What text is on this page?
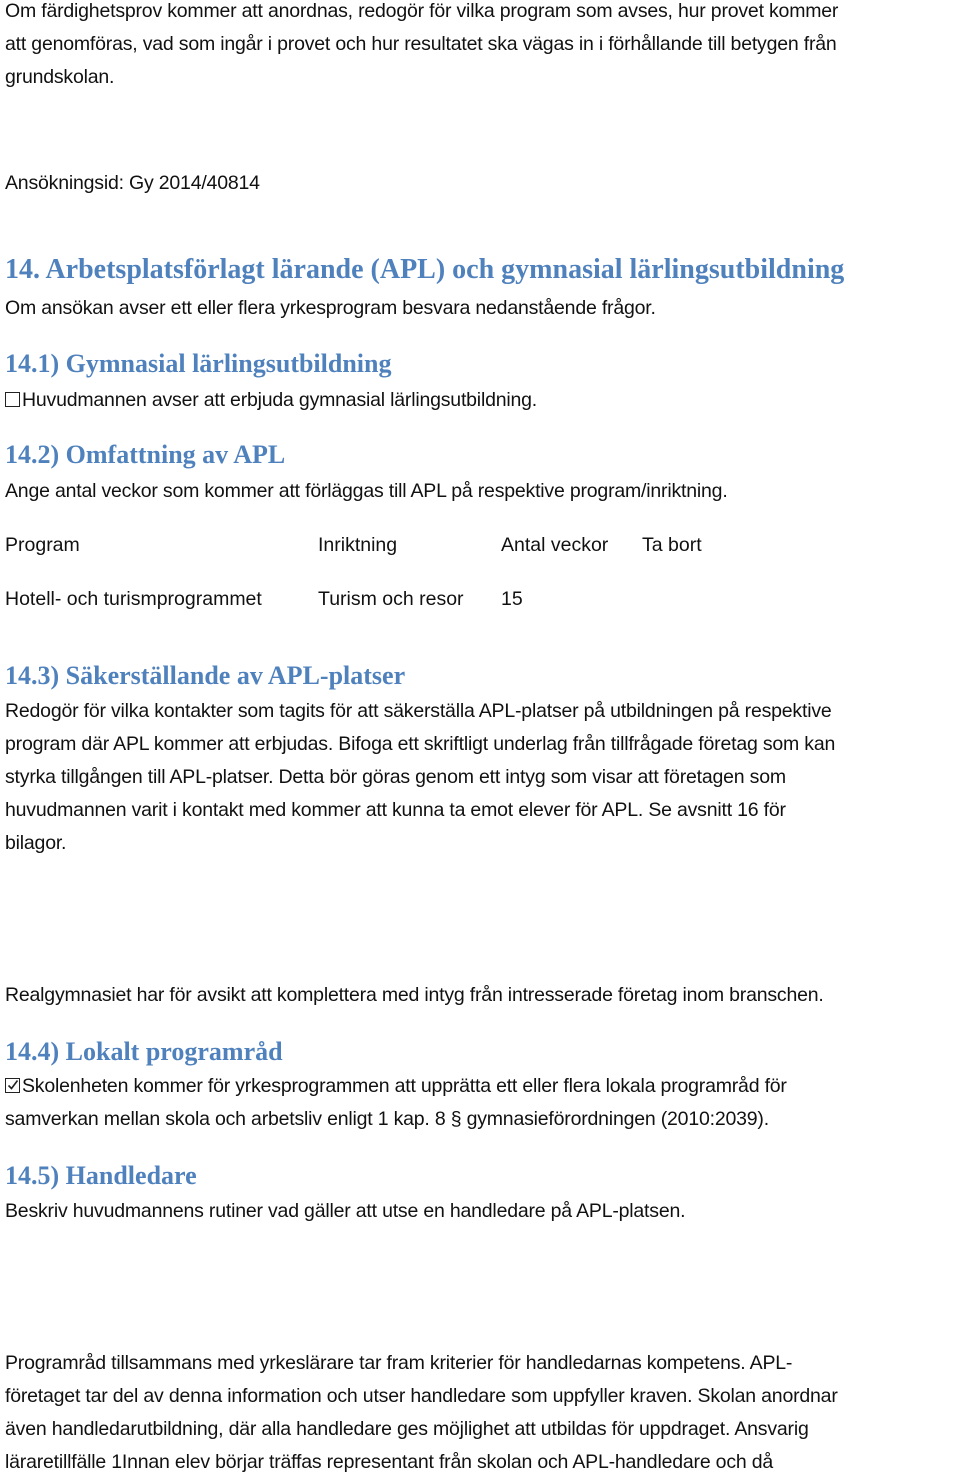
Om färdighetsprov kommer att anordnas, redogör för vilka program som avses, hur provet kommer
att genomföras, vad som ingår i provet och hur resultatet ska vägas in i förhållande till betygen från
grundskolan.
Ansökningsid: Gy 2014/40814
14. Arbetsplatsförlagt lärande (APL) och gymnasial lärlingsutbildning
Om ansökan avser ett eller flera yrkesprogram besvara nedanstående frågor.
14.1) Gymnasial lärlingsutbildning
Huvudmannen avser att erbjuda gymnasial lärlingsutbildning.
14.2) Omfattning av APL
Ange antal veckor som kommer att förläggas till APL på respektive program/inriktning.
Program	Inriktning	Antal veckor Ta bort
Hotell- och turismprogrammet	Turism och resor 15
14.3) Säkerställande av APL-platser
Redogör för vilka kontakter som tagits för att säkerställa APL-platser på utbildningen på respektive
program där APL kommer att erbjudas. Bifoga ett skriftligt underlag från tillfrågade företag som kan
styrka tillgången till APL-platser. Detta bör göras genom ett intyg som visar att företagen som
huvudmannen varit i kontakt med kommer att kunna ta emot elever för APL. Se avsnitt 16 för
bilagor.
Realgymnasiet har för avsikt att komplettera med intyg från intresserade företag inom branschen.
14.4) Lokalt programråd
Skolenheten kommer för yrkesprogrammen att upprätta ett eller flera lokala programråd för
samverkan mellan skola och arbetsliv enligt 1 kap. 8 § gymnasieförordningen (2010:2039).
14.5) Handledare
Beskriv huvudmannens rutiner vad gäller att utse en handledare på APL-platsen.
Programråd tillsammans med yrkeslärare tar fram kriterier för handledarnas kompetens. APL-
företaget tar del av denna information och utser handledare som uppfyller kraven. Skolan anordnar
även handledarutbildning, där alla handledare ges möjlighet att utbildas för uppdraget. Ansvarig
läraretillfälle 1Innan elev börjar träffas representant från skolan och APL-handledare och då
